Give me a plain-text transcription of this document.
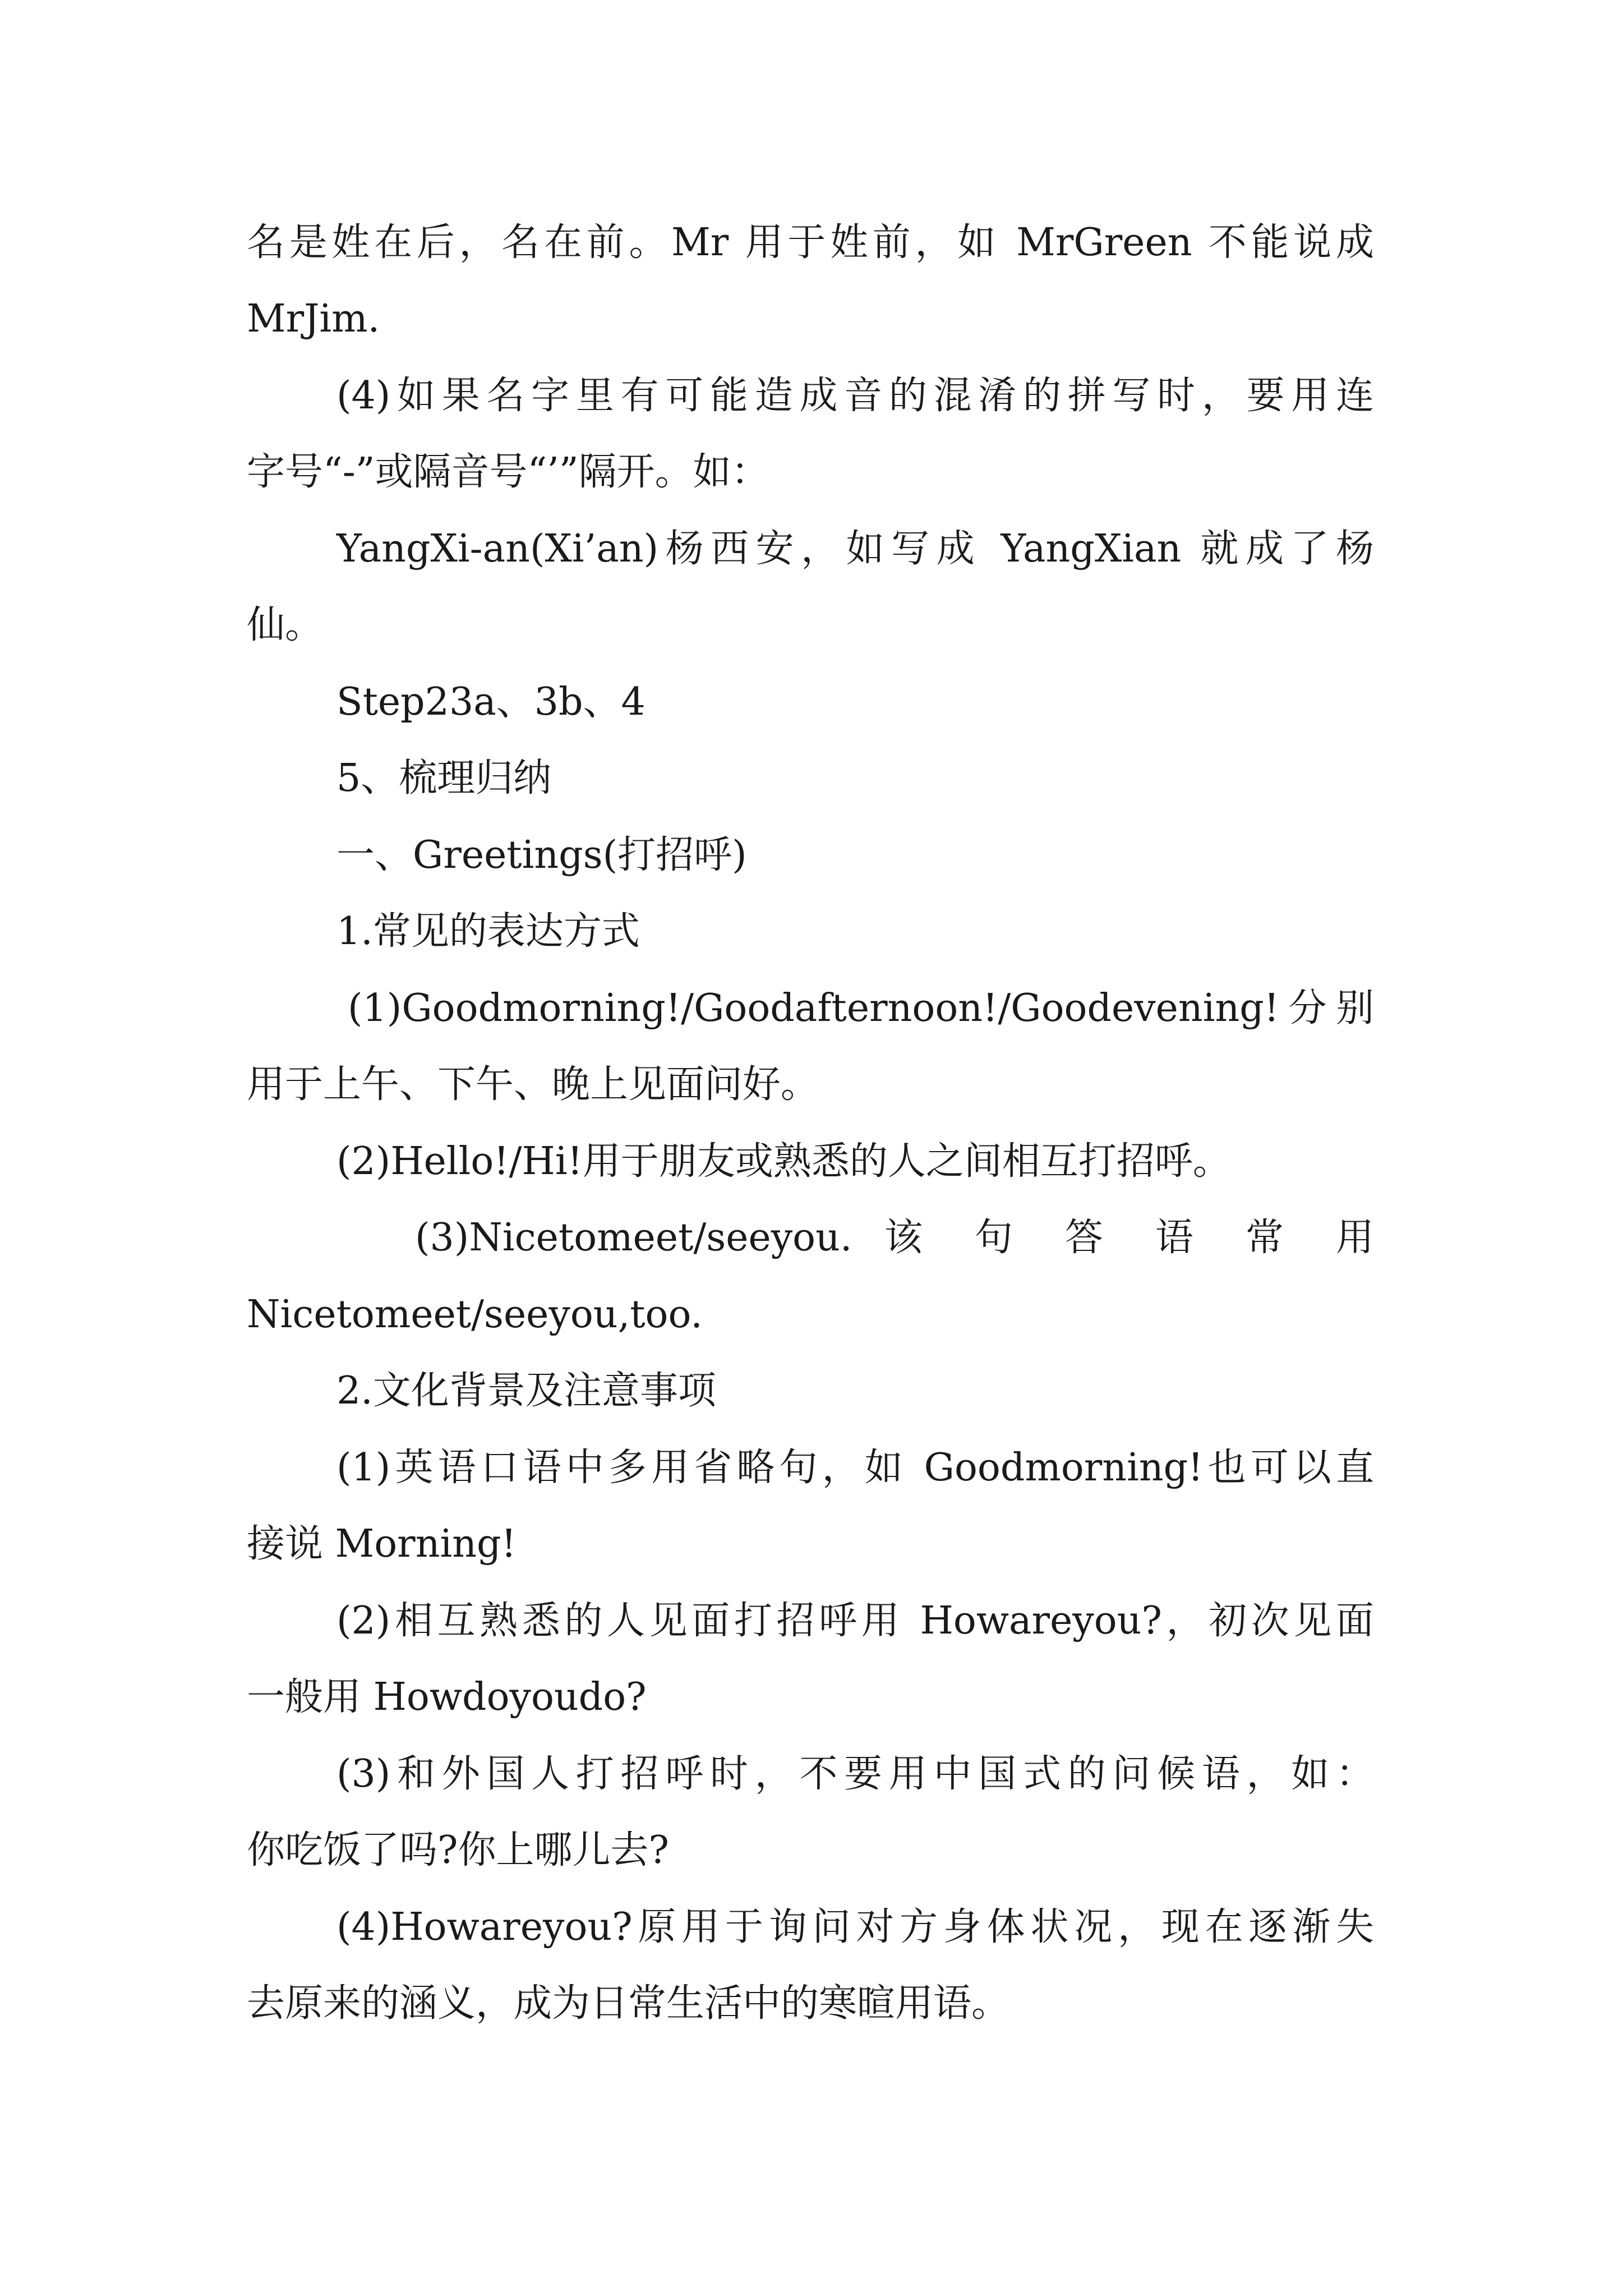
名是姓在后，名在前。Mr 用于姓前，如 MrGreen 不能说成
MrJim.
(4)如果名字里有可能造成音的混淆的拼写时，要用连
字号“-”或隔音号“’”隔开。如：
YangXi-an(Xi’an)杨西安，如写成 YangXian 就成了杨
仙。
Step23a、3b、4
5、梳理归纳
一、Greetings(打招呼)
1.常见的表达方式
(1)Goodmorning!/Goodafternoon!/Goodevening!分别
用于上午、下午、晚上见面问好。
(2)Hello!/Hi!用于朋友或熟悉的人之间相互打招呼。
(3)Nicetomeet/seeyou. 该 句 答 语 常 用
Nicetomeet/seeyou,too.
2.文化背景及注意事项
(1)英语口语中多用省略句，如 Goodmorning!也可以直
接说 Morning!
(2)相互熟悉的人见面打招呼用 Howareyou?，初次见面
一般用 Howdoyoudo?
(3)和外国人打招呼时，不要用中国式的问候语，如：
你吃饭了吗?你上哪儿去?
(4)Howareyou?原用于询问对方身体状况，现在逐渐失
去原来的涵义，成为日常生活中的寒暄用语。
